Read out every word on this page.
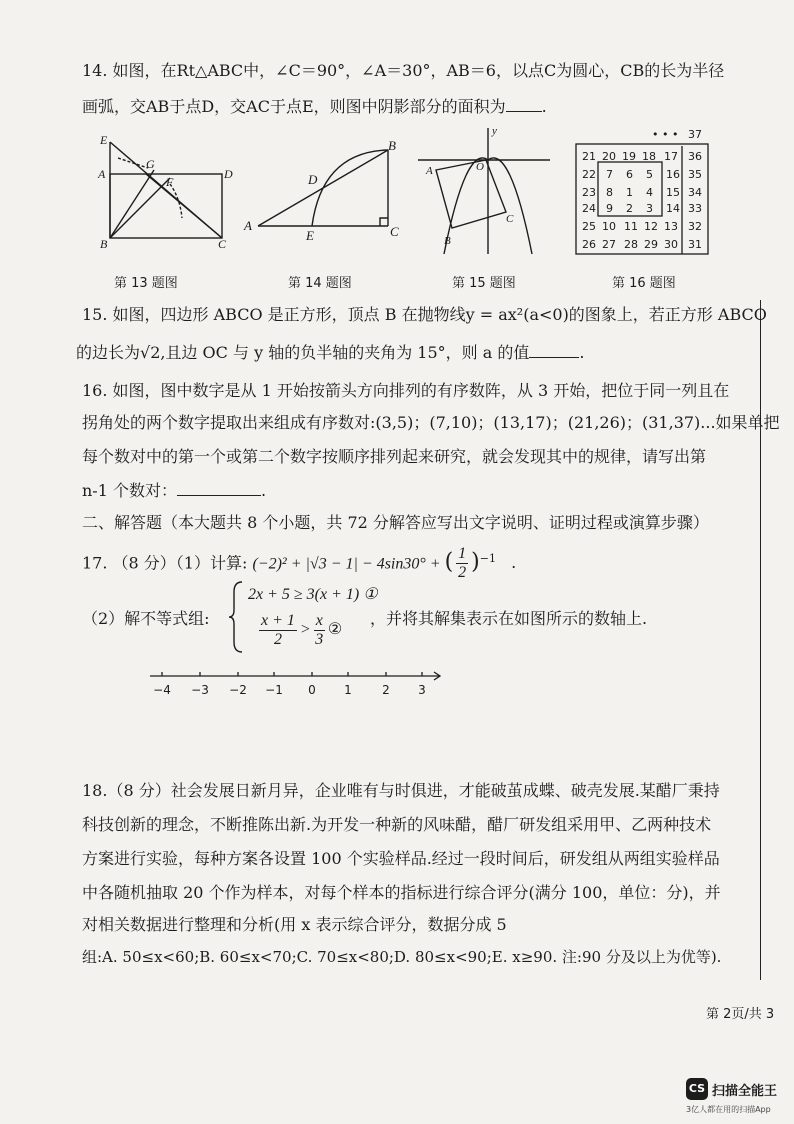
14. 如图，在Rt△ABC中，∠C＝90°，∠A＝30°，AB＝6，以点C为圆心，CB的长为半径
画弧，交AB于点D，交AC于点E，则图中阴影部分的面积为 .
E
A
G
F
D
B	C
B
D
A
E	C
y
A	O
C
B
• • • 37
21 20 19 18 17 36
22 7 6 5 16 35
23 8 1 4 15 34
24 9 2 3 14 33
25 10 11 12 13 32
26 27 28 29 30 31
第 13 题图	第 14 题图	第 15 题图	第 16 题图
15. 如图，四边形 ABCO 是正方形，顶点 B 在抛物线y = ax²(a<0)的图象上，若正方形 ABCO
的边长为√2,且边 OC 与 y 轴的负半轴的夹角为 15°，则 a 的值	.
16. 如图，图中数字是从 1 开始按箭头方向排列的有序数阵，从 3 开始，把位于同一列且在
拐角处的两个数字提取出来组成有序数对:(3,5)；(7,10)；(13,17)；(21,26)；(31,37)...如果单把
每个数对中的第一个或第二个数字按顺序排列起来研究，就会发现其中的规律，请写出第
n-1 个数对：	.
二、解答题（本大题共 8 个小题，共 72 分解答应写出文字说明、证明过程或演算步骤）
17. （8 分）（1）计算: (−2)² + |√3 − 1| − 4sin30° + ( $\frac{1}{2} )^{-1}$ .
（2）解不等式组:
2x + 5 ≥ 3(x + 1) ①
$\frac{x + 1}{2} > \frac{x}{3}$ ②
，并将其解集表示在如图所示的数轴上.
−4 −3 −2 −1 0 1	2 3
18.（8 分）社会发展日新月异，企业唯有与时俱进，才能破茧成蝶、破壳发展.某醋厂秉持
科技创新的理念，不断推陈出新.为开发一种新的风味醋，醋厂研发组采用甲、乙两种技术
方案进行实验，每种方案各设置 100 个实验样品.经过一段时间后，研发组从两组实验样品
中各随机抽取 20 个作为样本，对每个样本的指标进行综合评分(满分 100，单位：分)，并
对相关数据进行整理和分析(用 x 表示综合评分，数据分成 5
组:A. 50≤x<60;B. 60≤x<70;C. 70≤x<80;D. 80≤x<90;E. x≥90. 注:90 分及以上为优等).
第 2页/共 3
CS 扫描全能王
3亿人都在用的扫描App
